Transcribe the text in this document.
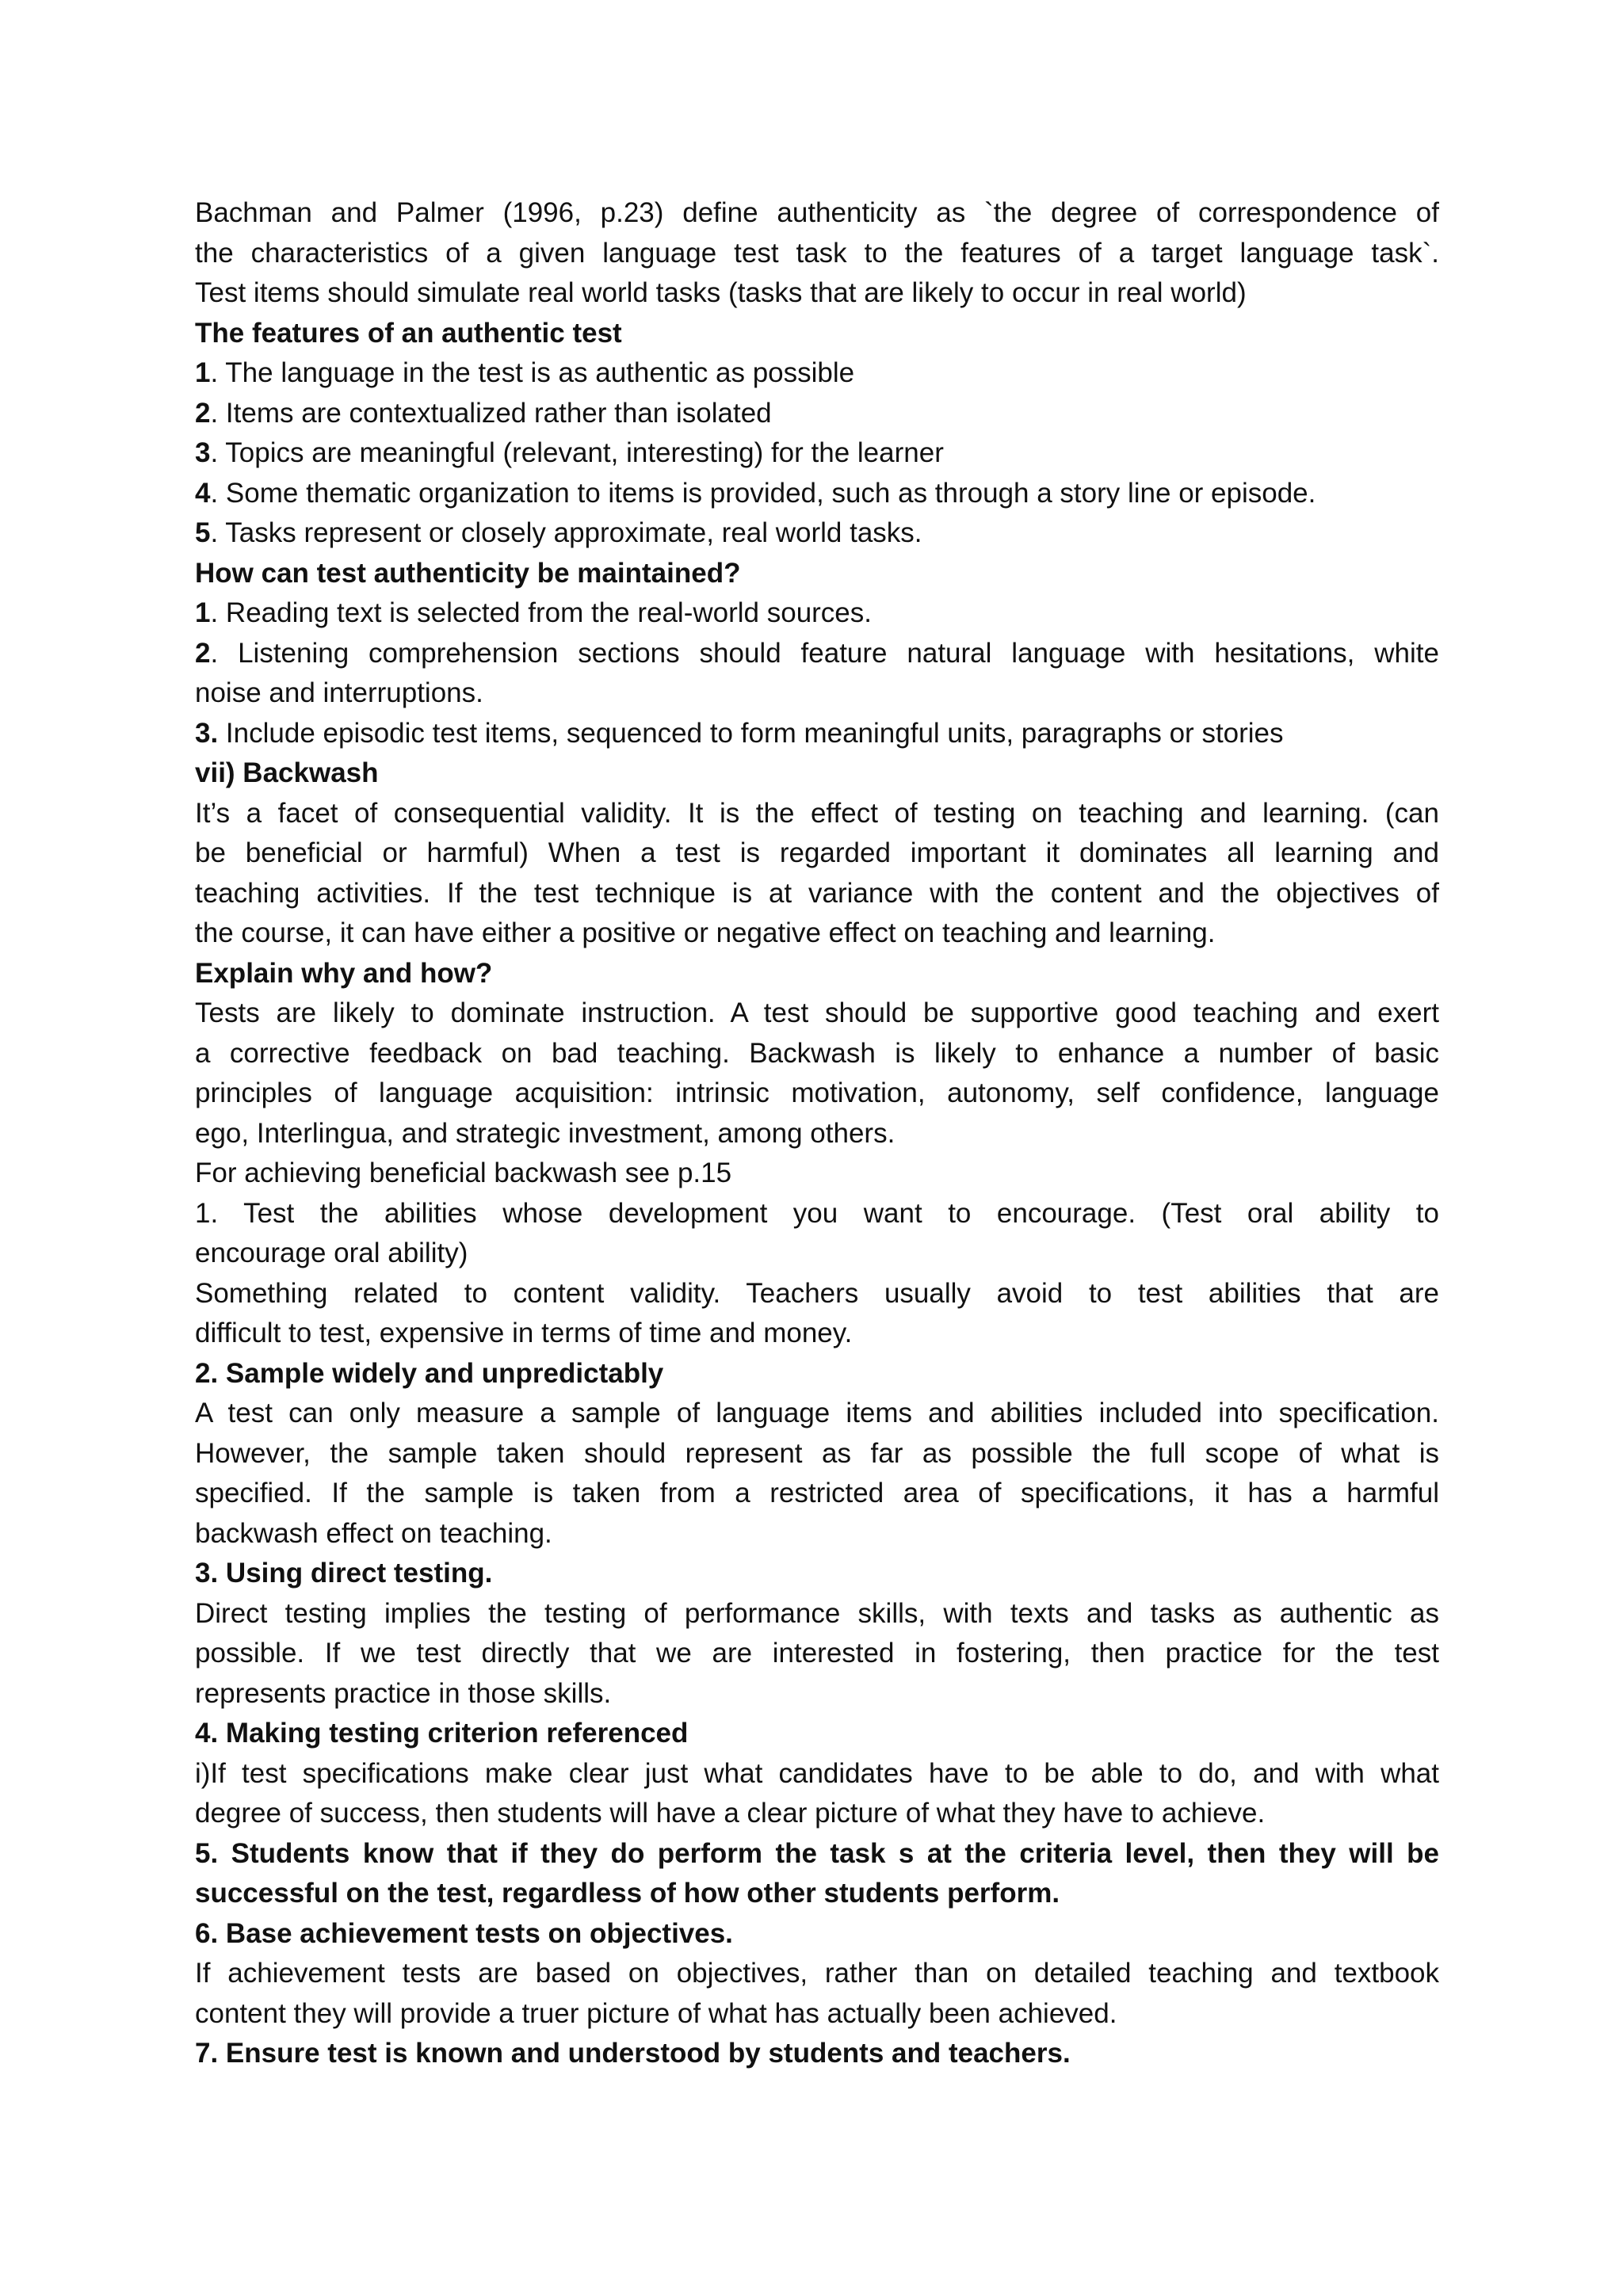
Bachman and Palmer (1996, p.23) define authenticity as `the degree of correspondence of
the characteristics of a given language test task to the features of a target language task`.
Test items should simulate real world tasks (tasks that are likely to occur in real world)
The features of an authentic test
1. The language in the test is as authentic as possible
2. Items are contextualized rather than isolated
3. Topics are meaningful (relevant, interesting) for the learner
4. Some thematic organization to items is provided, such as through a story line or episode.
5. Tasks represent or closely approximate, real world tasks.
How can test authenticity be maintained?
1. Reading text is selected from the real-world sources.
2. Listening comprehension sections should feature natural language with hesitations, white
noise and interruptions.
3. Include episodic test items, sequenced to form meaningful units, paragraphs or stories
vii) Backwash
It’s a facet of consequential validity. It is the effect of testing on teaching and learning. (can
be beneficial or harmful) When a test is regarded important it dominates all learning and
teaching activities. If the test technique is at variance with the content and the objectives of
the course, it can have either a positive or negative effect on teaching and learning.
Explain why and how?
Tests are likely to dominate instruction. A test should be supportive good teaching and exert
a corrective feedback on bad teaching. Backwash is likely to enhance a number of basic
principles of language acquisition: intrinsic motivation, autonomy, self confidence, language
ego, Interlingua, and strategic investment, among others.
For achieving beneficial backwash see p.15
1. Test the abilities whose development you want to encourage. (Test oral ability to
encourage oral ability)
Something related to content validity. Teachers usually avoid to test abilities that are
difficult to test, expensive in terms of time and money.
2. Sample widely and unpredictably
A test can only measure a sample of language items and abilities included into specification.
However, the sample taken should represent as far as possible the full scope of what is
specified. If the sample is taken from a restricted area of specifications, it has a harmful
backwash effect on teaching.
3. Using direct testing.
Direct testing implies the testing of performance skills, with texts and tasks as authentic as
possible. If we test directly that we are interested in fostering, then practice for the test
represents practice in those skills.
4. Making testing criterion referenced
i)If test specifications make clear just what candidates have to be able to do, and with what
degree of success, then students will have a clear picture of what they have to achieve.
5. Students know that if they do perform the task s at the criteria level, then they will be
successful on the test, regardless of how other students perform.
6. Base achievement tests on objectives.
If achievement tests are based on objectives, rather than on detailed teaching and textbook
content they will provide a truer picture of what has actually been achieved.
7. Ensure test is known and understood by students and teachers.
